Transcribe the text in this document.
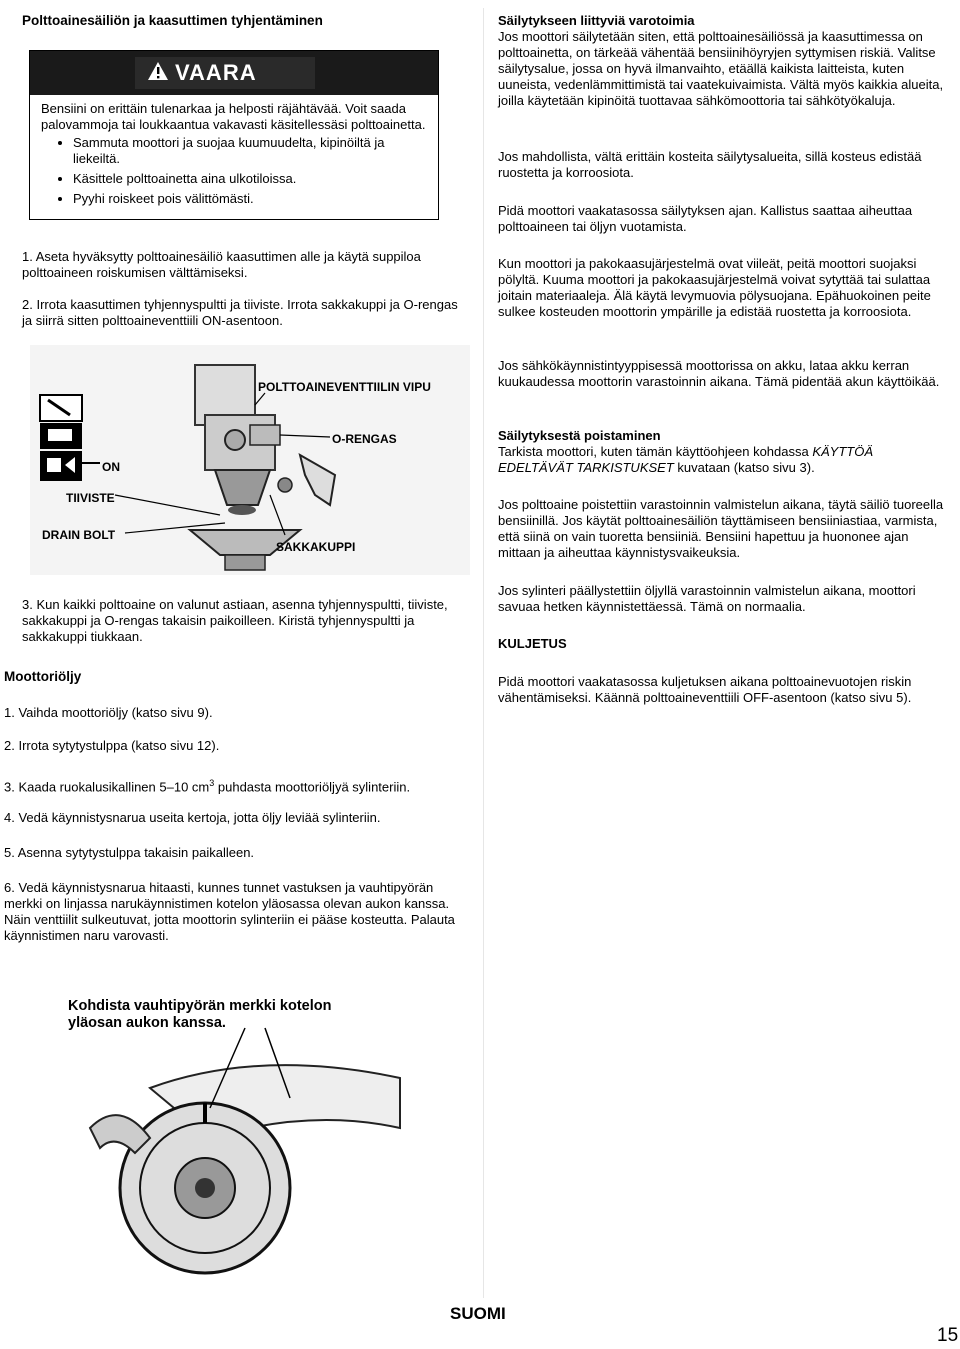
Polttoainesäiliön ja kaasuttimen tyhjentäminen
VAARA

Bensiini on erittäin tulenarkaa ja helposti räjähtävää. Voit saada palovammoja tai loukkaantua vakavasti käsitellessäsi polttoainetta.

• Sammuta moottori ja suojaa kuumuudelta, kipinöiltä ja liekeiltä.
• Käsittele polttoainetta aina ulkotiloissa.
• Pyyhi roiskeet pois välittömästi.

1. Aseta hyväksytty polttoainesäiliö kaasuttimen alle ja käytä suppiloa polttoaineen roiskumisen välttämiseksi.

2. Irrota kaasuttimen tyhjennyspultti ja tiiviste. Irrota sakkakuppi ja O-rengas ja siirrä sitten polttoaineventtiili ON-asentoon.

POLTTOAINEVENTTIILIN VIPU
O-RENGAS
ON
TIIVISTE
DRAIN BOLT
SAKKAKUPPI

3. Kun kaikki polttoaine on valunut astiaan, asenna tyhjennyspultti, tiiviste, sakkakuppi ja O-rengas takaisin paikoilleen. Kiristä tyhjennyspultti ja sakkakuppi tiukkaan.

Moottoriöljy

1. Vaihda moottoriöljy (katso sivu 9).

2. Irrota sytytystulppa (katso sivu 12).

3. Kaada ruokalusikallinen 5–10 $cm^3$ puhdasta moottoriöljyä sylinteriin.

4. Vedä käynnistysnarua useita kertoja, jotta öljy leviää sylinteriin.

5. Asenna sytytystulppa takaisin paikalleen.

6. Vedä käynnistysnarua hitaasti, kunnes tunnet vastuksen ja vauhtipyörän merkki on linjassa narukäynnistimen kotelon yläosassa olevan aukon kanssa. Näin venttiilit sulkeutuvat, jotta moottorin sylinteriin ei pääse kosteutta. Palauta käynnistimen naru varovasti.

Kohdista vauhtipyörän merkki kotelon yläosan aukon kanssa.

Säilytykseen liittyviä varotoimia

Jos moottori säilytetään siten, että polttoainesäiliössä ja kaasuttimessa on polttoainetta, on tärkeää vähentää bensiinihöyryjen syttymisen riskiä. Valitse säilytysalue, jossa on hyvä ilmanvaihto, etäällä kaikista laitteista, kuten uuneista, vedenlämmittimistä tai vaatekuivaimista. Vältä myös kaikkia alueita, joilla käytetään kipinöitä tuottavaa sähkömoottoria tai sähkötyökaluja.

Jos mahdollista, vältä erittäin kosteita säilytysalueita, sillä kosteus edistää ruostetta ja korroosiota.

Pidä moottori vaakatasossa säilytyksen ajan. Kallistus saattaa aiheuttaa polttoaineen tai öljyn vuotamista.

Kun moottori ja pakokaasujärjestelmä ovat viileät, peitä moottori suojaksi pölyltä. Kuuma moottori ja pakokaasujärjestelmä voivat sytyttää tai sulattaa joitain materiaaleja. Älä käytä levymuovia pölysuojana. Epähuokoinen peite sulkee kosteuden moottorin ympärille ja edistää ruostetta ja korroosiota.

Jos sähkökäynnistintyyppisessä moottorissa on akku, lataa akku kerran kuukaudessa moottorin varastoinnin aikana. Tämä pidentää akun käyttöikää.

Säilytyksestä poistaminen

Tarkista moottori, kuten tämän käyttöohjeen kohdassa KÄYTTÖÄ EDELTÄVÄT TARKISTUKSET kuvataan (katso sivu 3).

Jos polttoaine poistettiin varastoinnin valmistelun aikana, täytä säiliö tuoreella bensiinillä. Jos käytät polttoainesäiliön täyttämiseen bensiiniastiaa, varmista, että siinä on vain tuoretta bensiiniä. Bensiini hapettuu ja huononee ajan mittaan ja aiheuttaa käynnistysvaikeuksia.

Jos sylinteri päällystettiin öljyllä varastoinnin valmistelun aikana, moottori savuaa hetken käynnistettäessä. Tämä on normaalia.

KULJETUS

Pidä moottori vaakatasossa kuljetuksen aikana polttoainevuotojen riskin vähentämiseksi. Käännä polttoaineventtiili OFF-asentoon (katso sivu 5).

SUOMI
15
